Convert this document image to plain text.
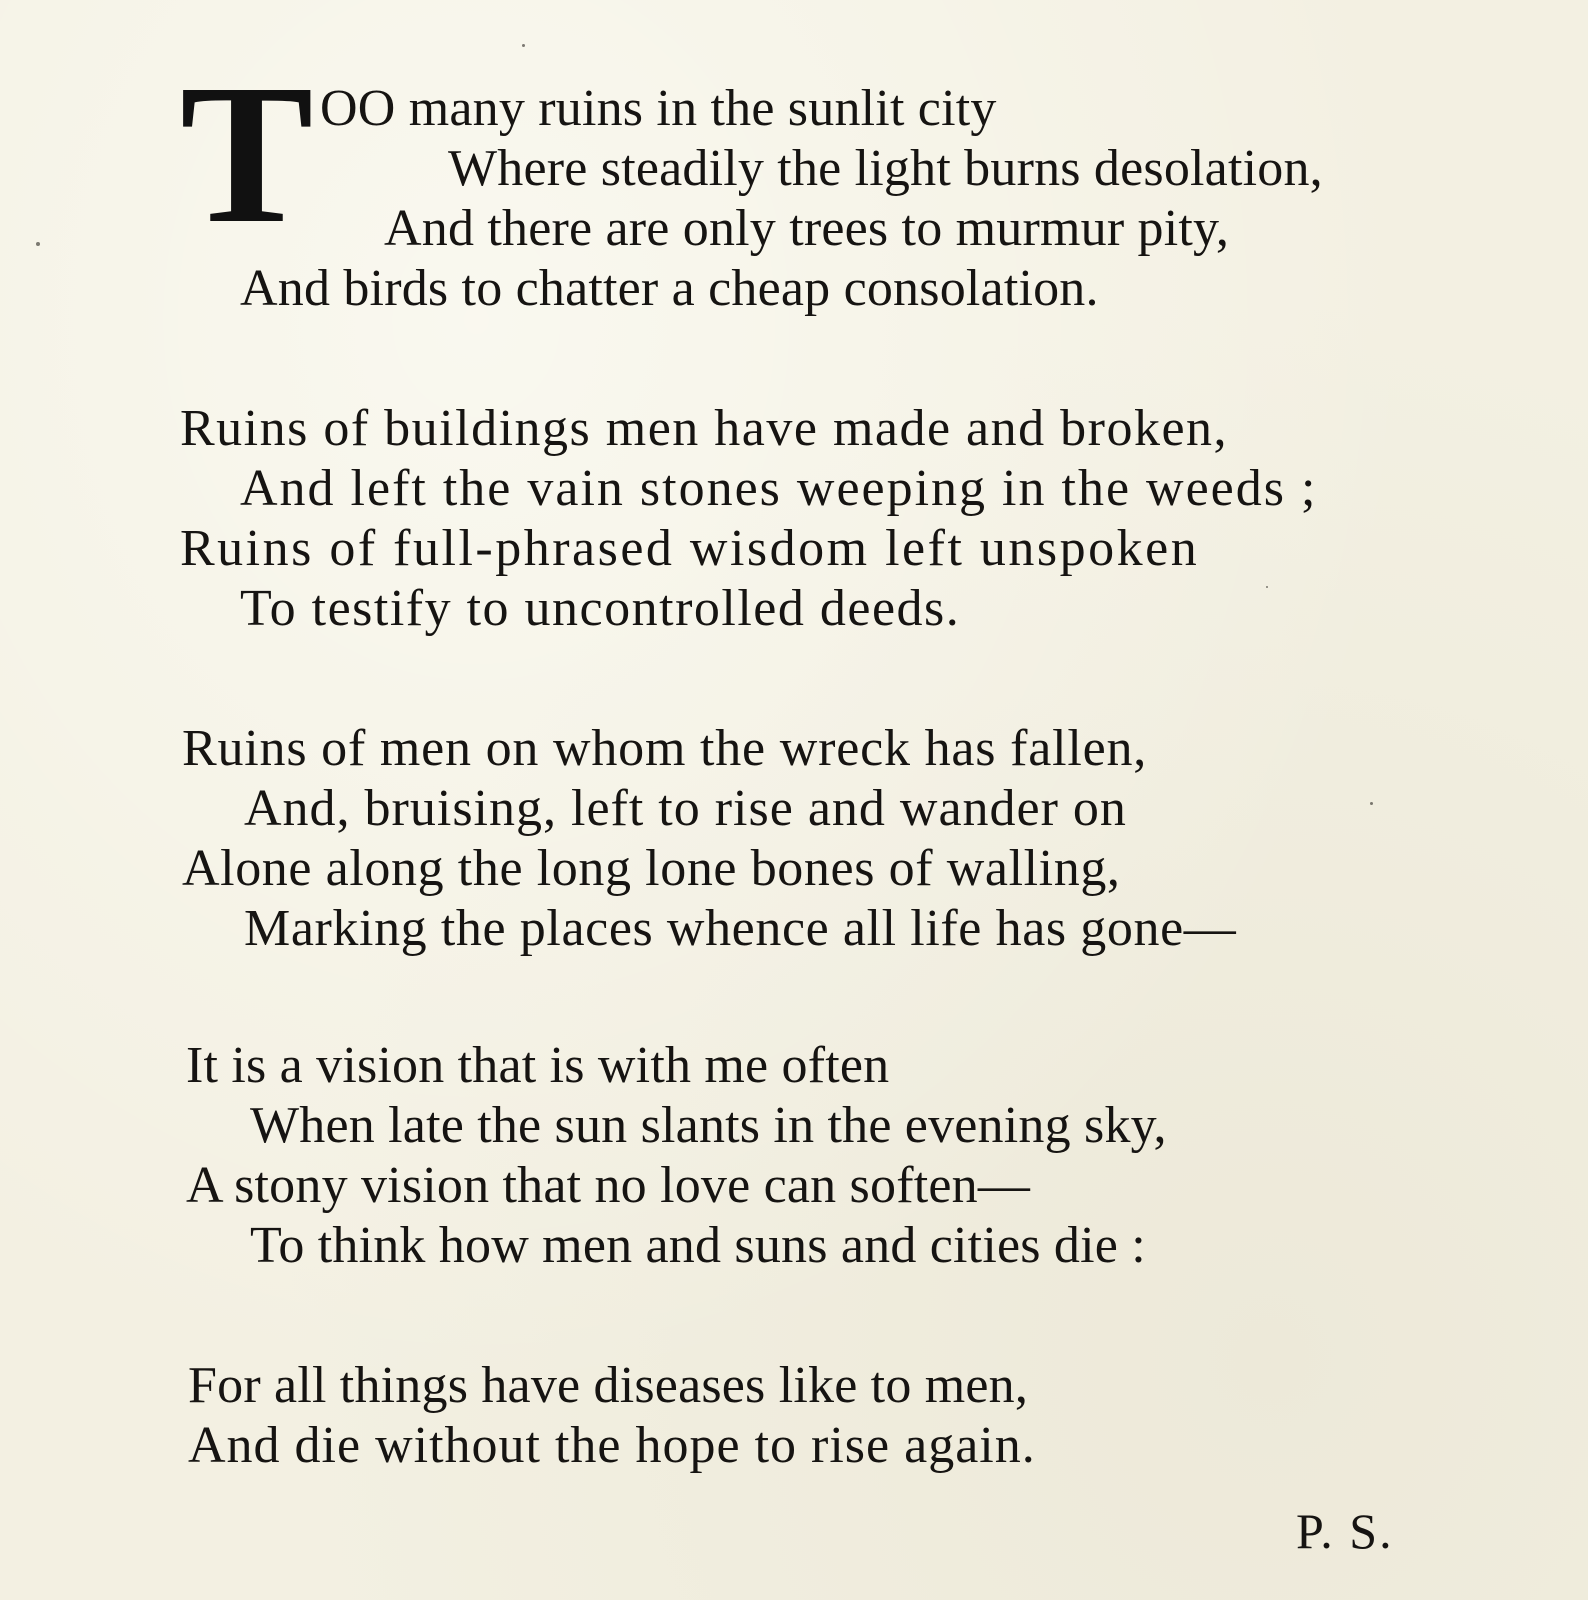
T OO many ruins in the sunlit city
Where steadily the light burns desolation,
And there are only trees to murmur pity,
And birds to chatter a cheap consolation.
Ruins of buildings men have made and broken,
And left the vain stones weeping in the weeds ;
Ruins of full-phrased wisdom left unspoken
To testify to uncontrolled deeds.
Ruins of men on whom the wreck has fallen,
And, bruising, left to rise and wander on
Alone along the long lone bones of walling,
Marking the places whence all life has gone—
It is a vision that is with me often
When late the sun slants in the evening sky,
A stony vision that no love can soften—
To think how men and suns and cities die :
For all things have diseases like to men,
And die without the hope to rise again.
P. S.
